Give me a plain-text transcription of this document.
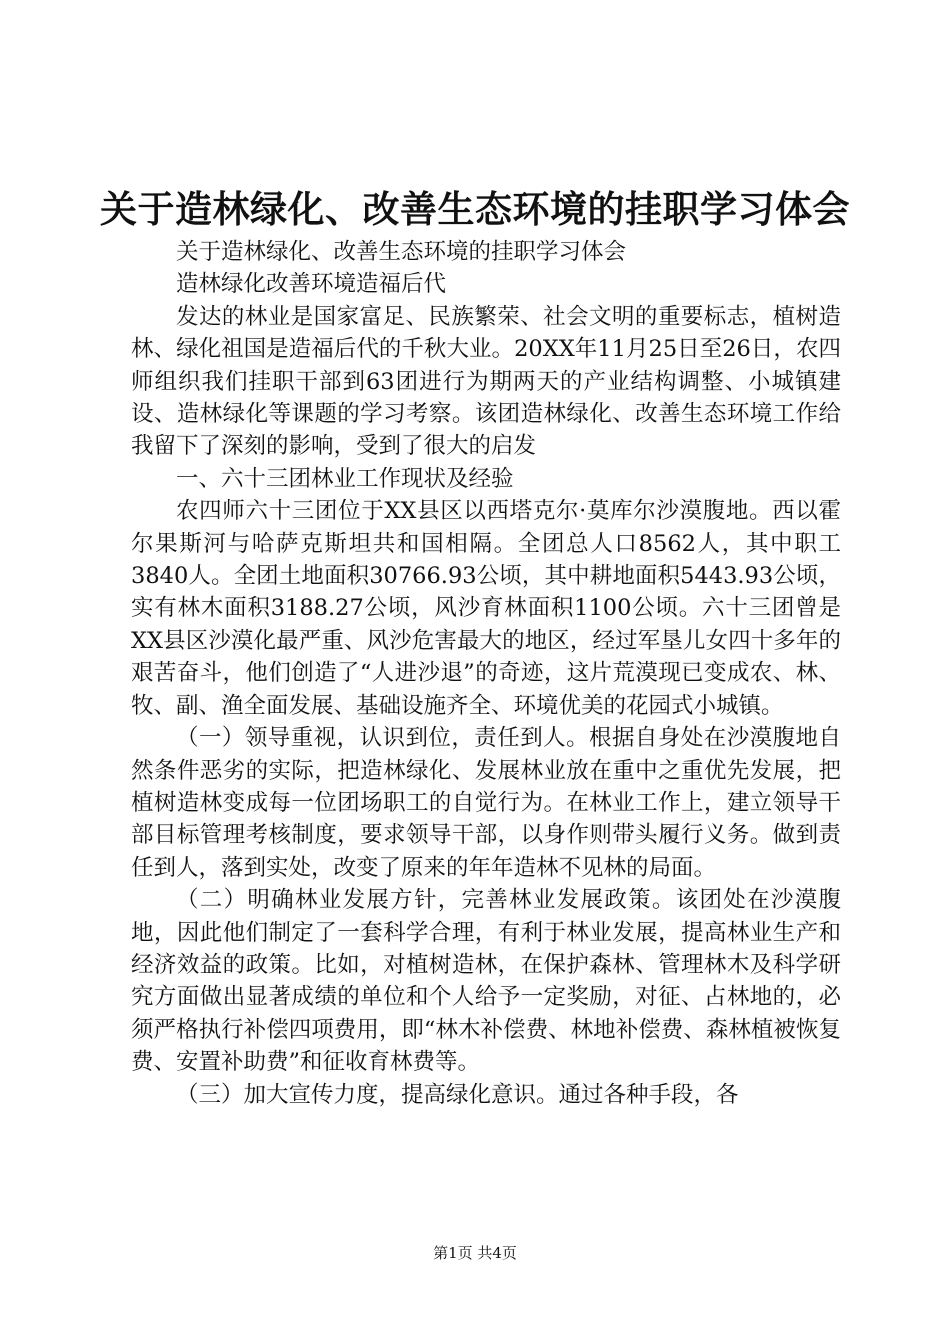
关于造林绿化、改善生态环境的挂职学习体会

关于造林绿化、改善生态环境的挂职学习体会

造林绿化改善环境造福后代

发达的林业是国家富足、民族繁荣、社会文明的重要标志，植树造林、绿化祖国是造福后代的千秋大业。20XX年11月25日至26日，农四师组织我们挂职干部到63团进行为期两天的产业结构调整、小城镇建设、造林绿化等课题的学习考察。该团造林绿化、改善生态环境工作给我留下了深刻的影响，受到了很大的启发

一、六十三团林业工作现状及经验

农四师六十三团位于XX县区以西塔克尔·莫库尔沙漠腹地。西以霍尔果斯河与哈萨克斯坦共和国相隔。全团总人口8562人，其中职工3840人。全团土地面积30766.93公顷，其中耕地面积5443.93公顷，实有林木面积3188.27公顷，风沙育林面积1100公顷。六十三团曾是XX县区沙漠化最严重、风沙危害最大的地区，经过军垦儿女四十多年的艰苦奋斗，他们创造了“人进沙退”的奇迹，这片荒漠现已变成农、林、牧、副、渔全面发展、基础设施齐全、环境优美的花园式小城镇。

（一）领导重视，认识到位，责任到人。根据自身处在沙漠腹地自然条件恶劣的实际，把造林绿化、发展林业放在重中之重优先发展，把植树造林变成每一位团场职工的自觉行为。在林业工作上，建立领导干部目标管理考核制度，要求领导干部，以身作则带头履行义务。做到责任到人，落到实处，改变了原来的年年造林不见林的局面。

（二）明确林业发展方针，完善林业发展政策。该团处在沙漠腹地，因此他们制定了一套科学合理，有利于林业发展，提高林业生产和经济效益的政策。比如，对植树造林，在保护森林、管理林木及科学研究方面做出显著成绩的单位和个人给予一定奖励，对征、占林地的，必须严格执行补偿四项费用，即“林木补偿费、林地补偿费、森林植被恢复费、安置补助费”和征收育林费等。

（三）加大宣传力度，提高绿化意识。通过各种手段，各

第1页 共4页
